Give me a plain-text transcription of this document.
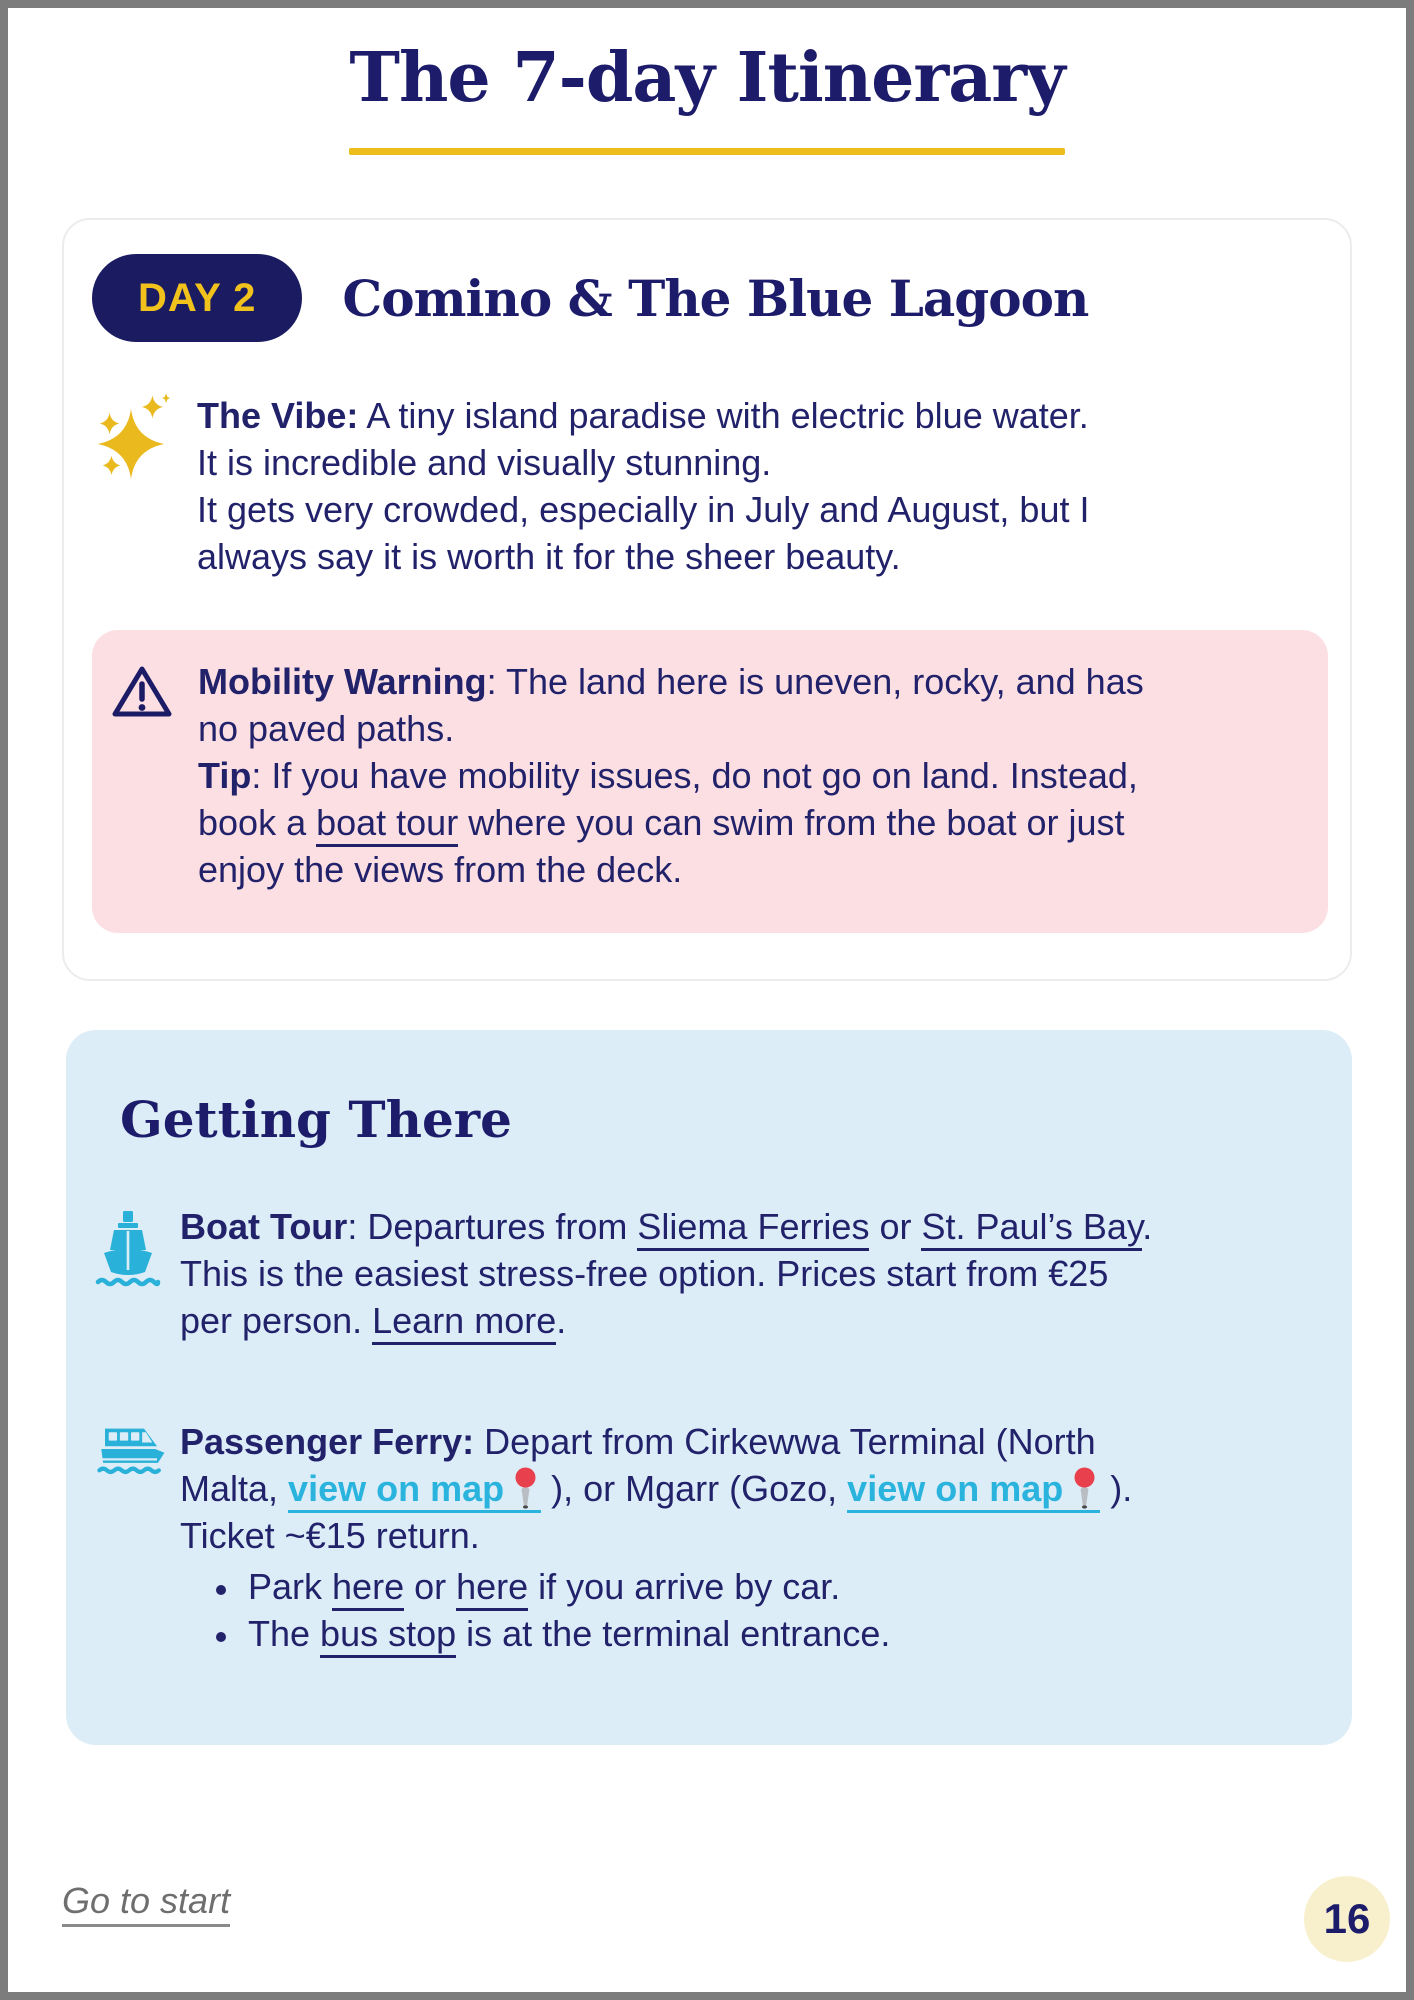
The 7-day Itinerary
DAY 2	Comino & The Blue Lagoon
The Vibe: A tiny island paradise with electric blue water.
It is incredible and visually stunning.
It gets very crowded, especially in July and August, but I
always say it is worth it for the sheer beauty.
Mobility Warning: The land here is uneven, rocky, and has
no paved paths.
Tip: If you have mobility issues, do not go on land. Instead,
book a boat tour where you can swim from the boat or just
enjoy the views from the deck.
Getting There
Boat Tour: Departures from Sliema Ferries or St. Paul’s Bay.
This is the easiest stress-free option. Prices start from €25
per person. Learn more.
Passenger Ferry: Depart from Cirkewwa Terminal (North
Malta, view on map ), or Mgarr (Gozo, view on map ).
Ticket ~€15 return.
• Park here or here if you arrive by car.
• The bus stop is at the terminal entrance.
Go to start	16
